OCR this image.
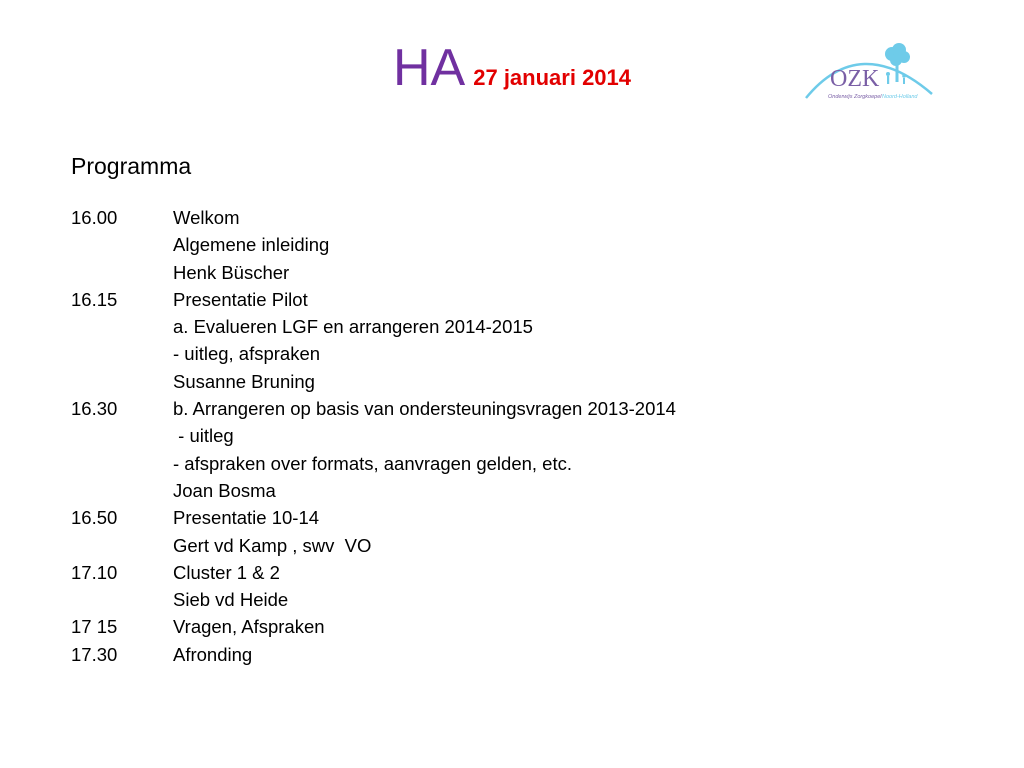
HA 27 januari 2014	OZK
Onderwijs Zorgkoepel Noord-Holland
Programma
16.00	Welkom
Algemene inleiding
Henk Büscher
16.15	Presentatie Pilot
a. Evalueren LGF en arrangeren 2014-2015
- uitleg, afspraken
Susanne Bruning
16.30	b. Arrangeren op basis van ondersteuningsvragen 2013-2014
- uitleg
- afspraken over formats, aanvragen gelden, etc.
Joan Bosma
16.50	Presentatie 10-14
Gert vd Kamp , swv  VO
17.10	Cluster 1 & 2
Sieb vd Heide
17 15	Vragen, Afspraken
17.30	Afronding
